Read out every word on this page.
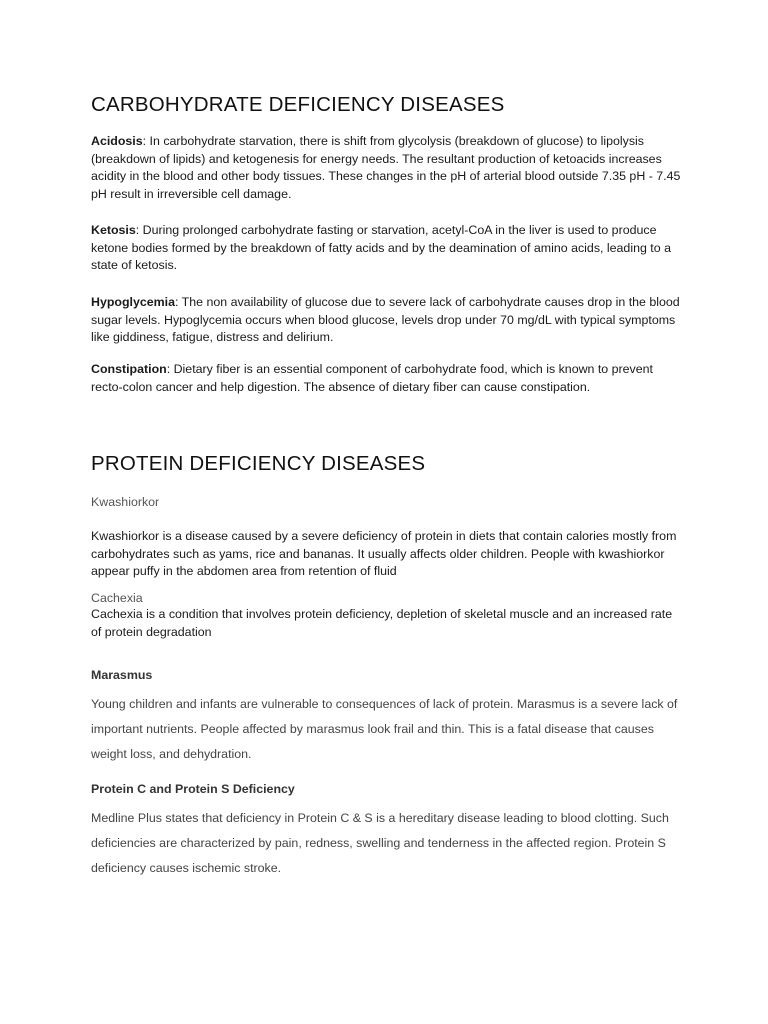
CARBOHYDRATE DEFICIENCY DISEASES

Acidosis: In carbohydrate starvation, there is shift from glycolysis (breakdown of glucose) to lipolysis (breakdown of lipids) and ketogenesis for energy needs. The resultant production of ketoacids increases acidity in the blood and other body tissues. These changes in the pH of arterial blood outside 7.35 pH - 7.45 pH result in irreversible cell damage.

Ketosis: During prolonged carbohydrate fasting or starvation, acetyl-CoA in the liver is used to produce ketone bodies formed by the breakdown of fatty acids and by the deamination of amino acids, leading to a state of ketosis.

Hypoglycemia: The non availability of glucose due to severe lack of carbohydrate causes drop in the blood sugar levels. Hypoglycemia occurs when blood glucose, levels drop under 70 mg/dL with typical symptoms like giddiness, fatigue, distress and delirium.

Constipation: Dietary fiber is an essential component of carbohydrate food, which is known to prevent recto-colon cancer and help digestion. The absence of dietary fiber can cause constipation.

PROTEIN DEFICIENCY DISEASES
Kwashiorkor

Kwashiorkor is a disease caused by a severe deficiency of protein in diets that contain calories mostly from carbohydrates such as yams, rice and bananas. It usually affects older children. People with kwashiorkor appear puffy in the abdomen area from retention of fluid

Cachexia

Cachexia is a condition that involves protein deficiency, depletion of skeletal muscle and an increased rate of protein degradation

Marasmus

Young children and infants are vulnerable to consequences of lack of protein. Marasmus is a severe lack of important nutrients. People affected by marasmus look frail and thin. This is a fatal disease that causes weight loss, and dehydration.

Protein C and Protein S Deficiency

Medline Plus states that deficiency in Protein C & S is a hereditary disease leading to blood clotting. Such deficiencies are characterized by pain, redness, swelling and tenderness in the affected region. Protein S deficiency causes ischemic stroke.
